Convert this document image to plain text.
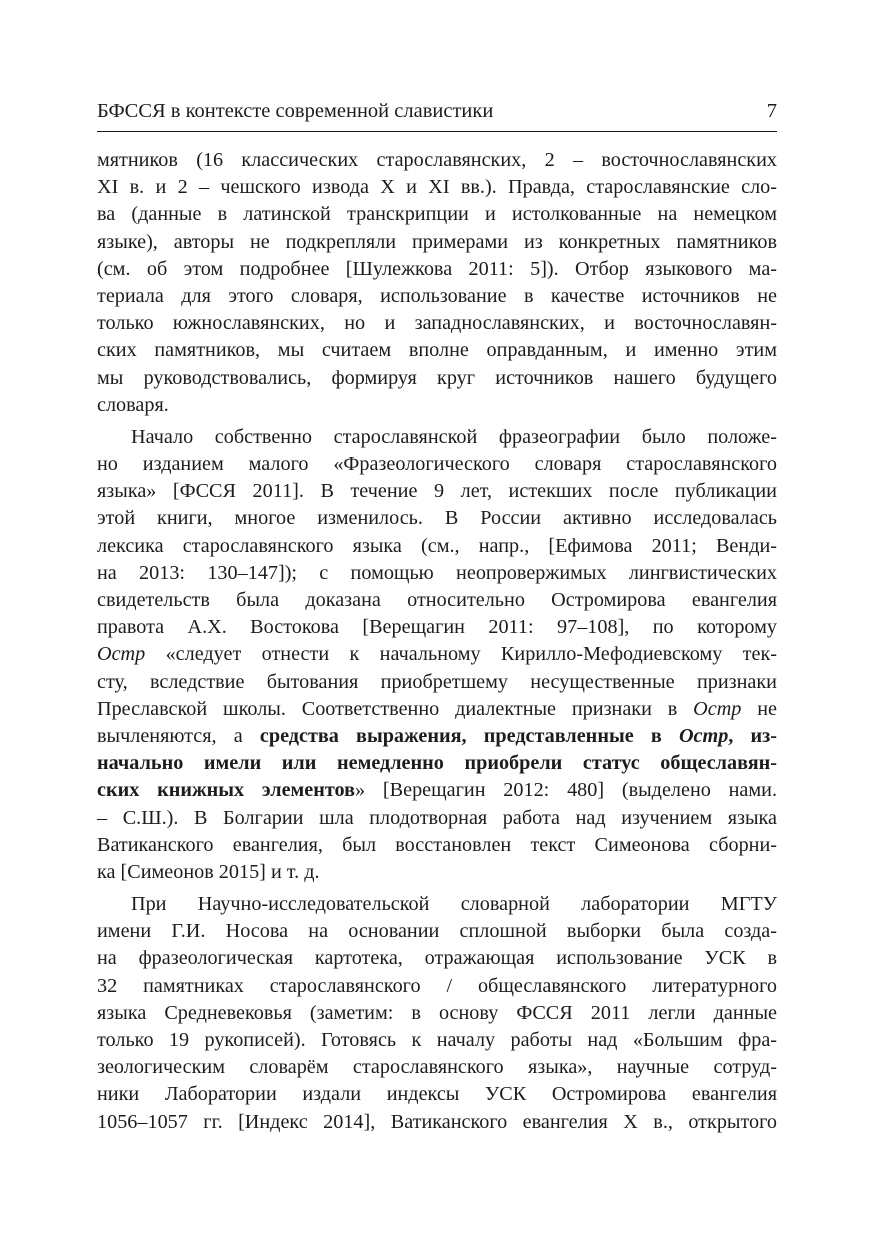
БФССЯ в контексте современной славистики	7
мятников (16 классических старославянских, 2 – восточнославянских
XI в. и 2 – чешского извода X и XI вв.). Правда, старославянские сло-
ва (данные в латинской транскрипции и истолкованные на немецком
языке), авторы не подкрепляли примерами из конкретных памятников
(см. об этом подробнее [Шулежкова 2011: 5]). Отбор языкового ма-
териала для этого словаря, использование в качестве источников не
только южнославянских, но и западнославянских, и восточнославян-
ских памятников, мы считаем вполне оправданным, и именно этим
мы руководствовались, формируя круг источников нашего будущего
словаря.
Начало собственно старославянской фразеографии было положе-
но изданием малого «Фразеологического словаря старославянского
языка» [ФССЯ 2011]. В течение 9 лет, истекших после публикации
этой книги, многое изменилось. В России активно исследовалась
лексика старославянского языка (см., напр., [Ефимова 2011; Венди-
на 2013: 130–147]); с помощью неопровержимых лингвистических
свидетельств была доказана относительно Остромирова евангелия
правота А.Х. Востокова [Верещагин 2011: 97–108], по которому
Остр «следует отнести к начальному Кирилло-Мефодиевскому тек-
сту, вследствие бытования приобретшему несущественные признаки
Преславской школы. Соответственно диалектные признаки в Остр не
вычленяются, а средства выражения, представленные в Остр, из-
начально имели или немедленно приобрели статус общеславян-
ских книжных элементов» [Верещагин 2012: 480] (выделено нами.
– С.Ш.). В Болгарии шла плодотворная работа над изучением языка
Ватиканского евангелия, был восстановлен текст Симеонова сборни-
ка [Симеонов 2015] и т. д.
При Научно-исследовательской словарной лаборатории МГТУ
имени Г.И. Носова на основании сплошной выборки была созда-
на фразеологическая картотека, отражающая использование УСК в
32 памятниках старославянского / общеславянского литературного
языка Средневековья (заметим: в основу ФССЯ 2011 легли данные
только 19 рукописей). Готовясь к началу работы над «Большим фра-
зеологическим словарём старославянского языка», научные сотруд-
ники Лаборатории издали индексы УСК Остромирова евангелия
1056–1057 гг. [Индекс 2014], Ватиканского евангелия X в., открытого
